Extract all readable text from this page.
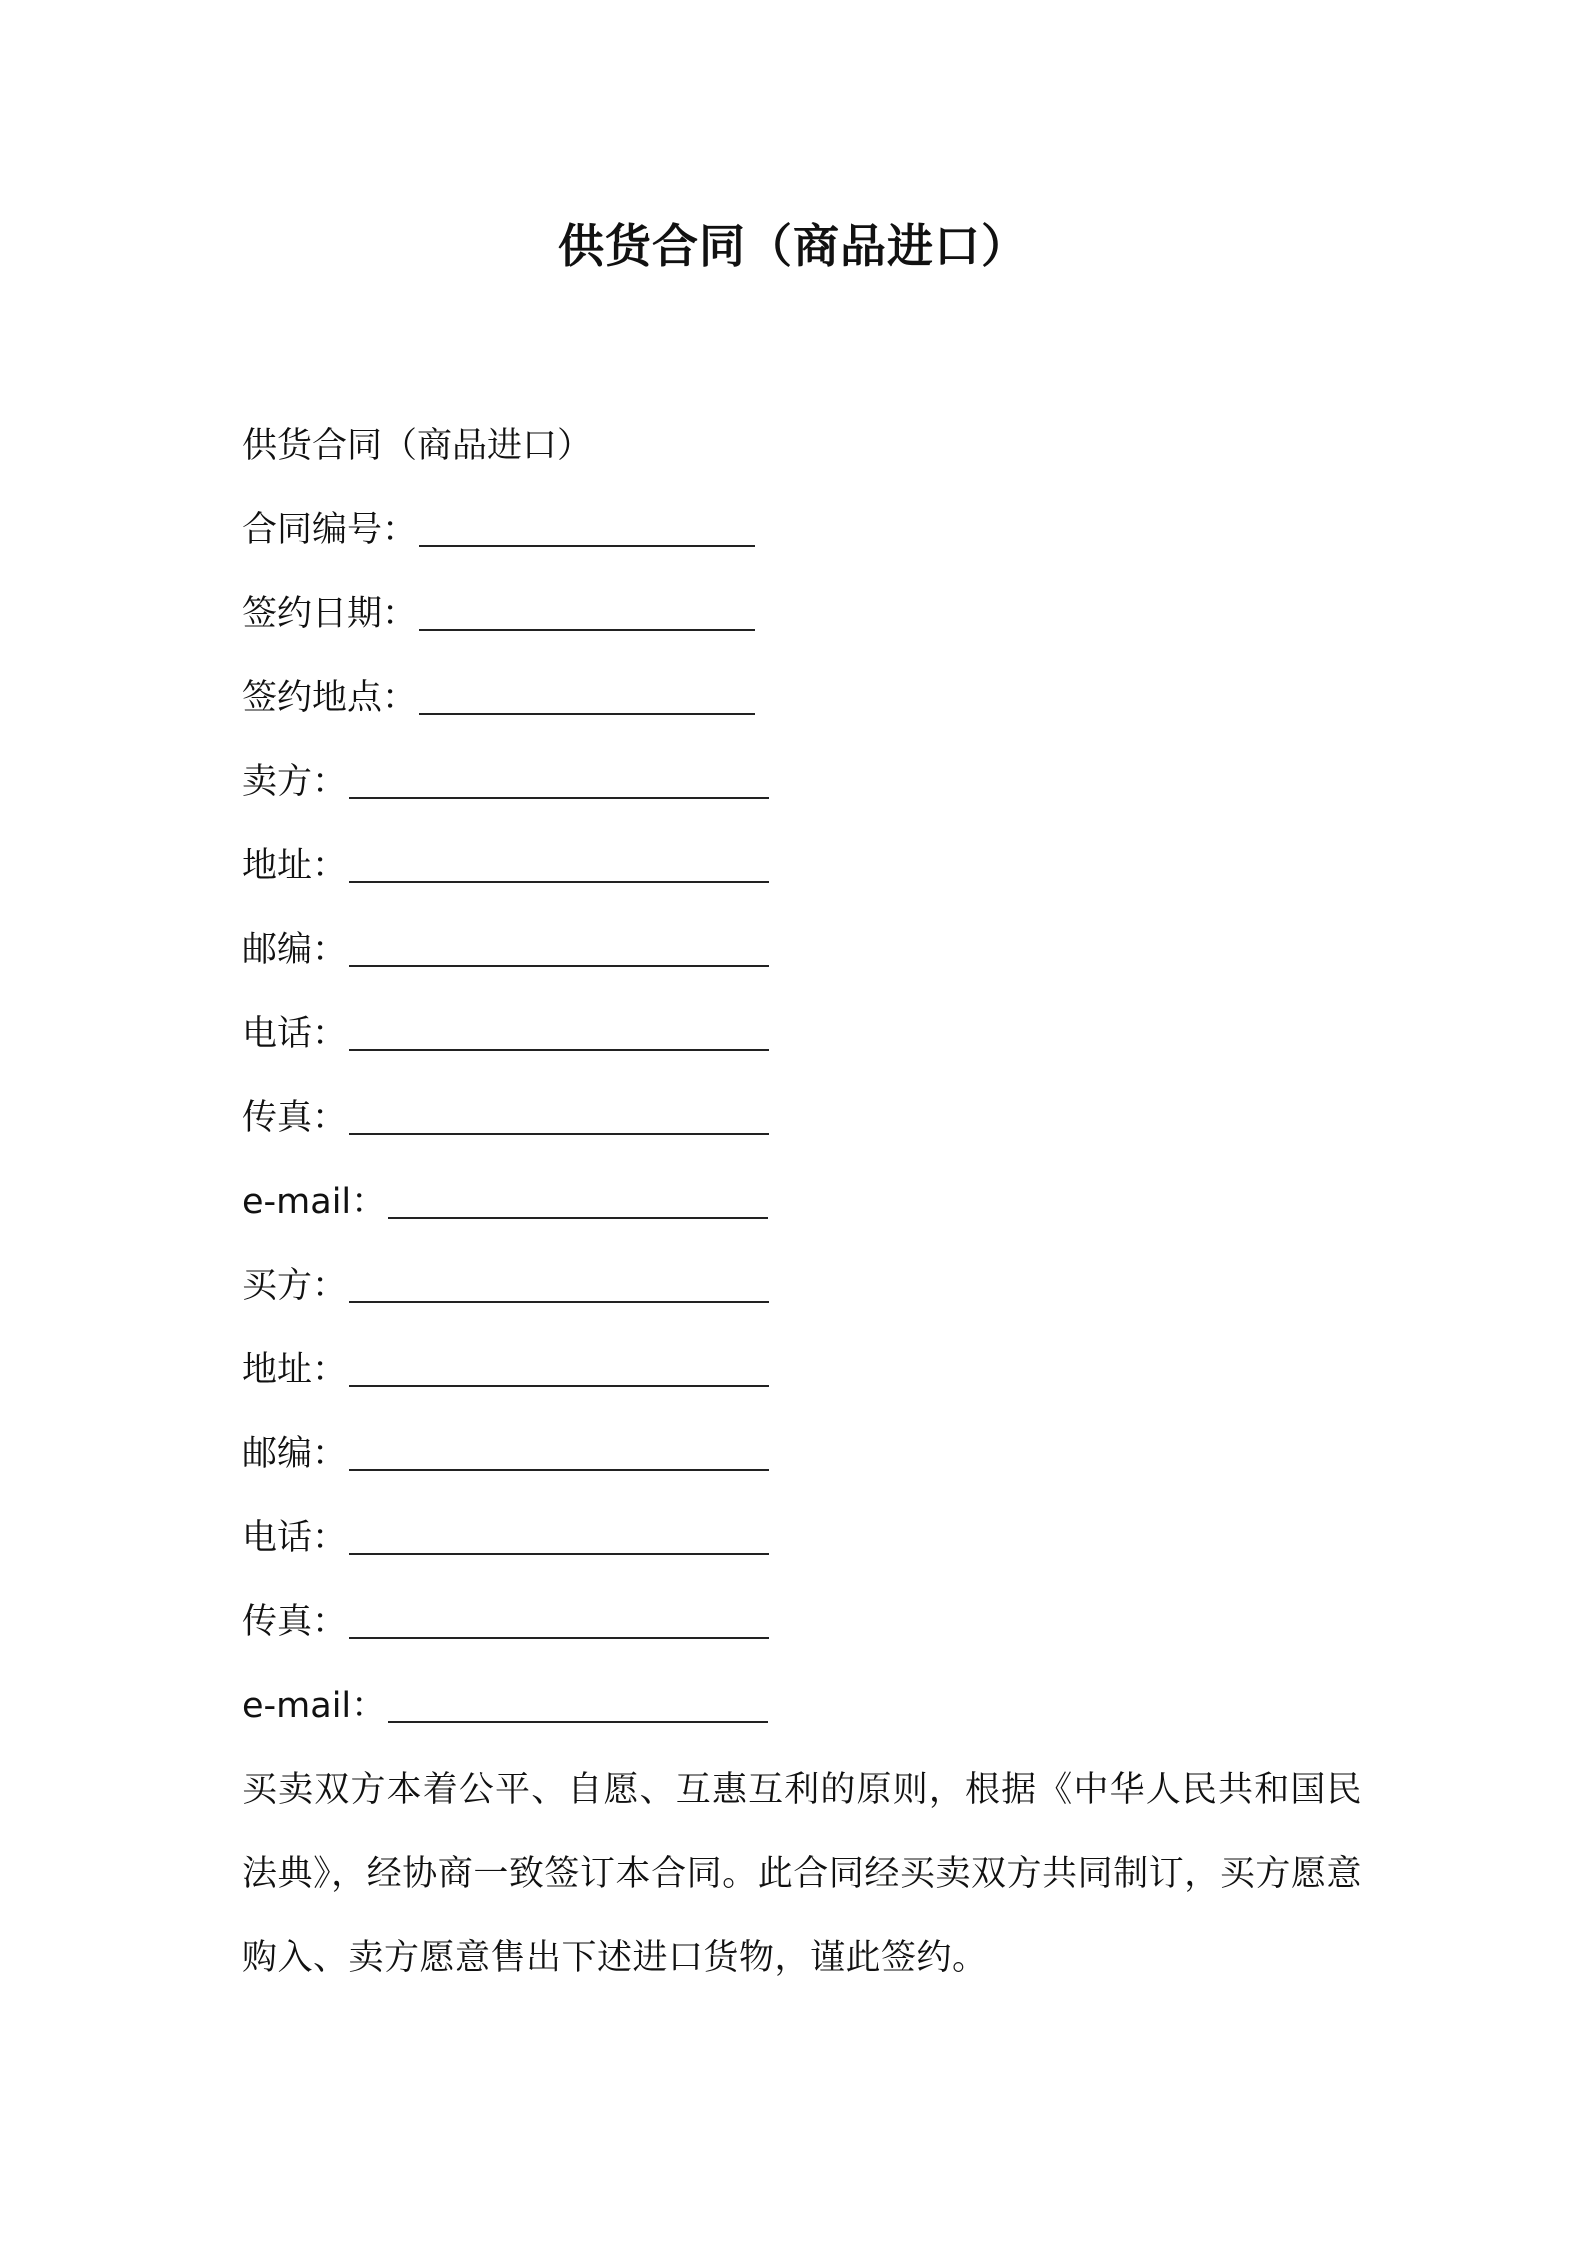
供货合同（商品进口）
供货合同（商品进口）
合同编号：
签约日期：
签约地点：
卖方：
地址：
邮编：
电话：
传真：
e-mail：
买方：
地址：
邮编：
电话：
传真：
e-mail：
买卖双方本着公平、自愿、互惠互利的原则，根据《中华人民共和国民法典》，经协商一致签订本合同。此合同经买卖双方共同制订，买方愿意购入、卖方愿意售出下述进口货物，谨此签约。
